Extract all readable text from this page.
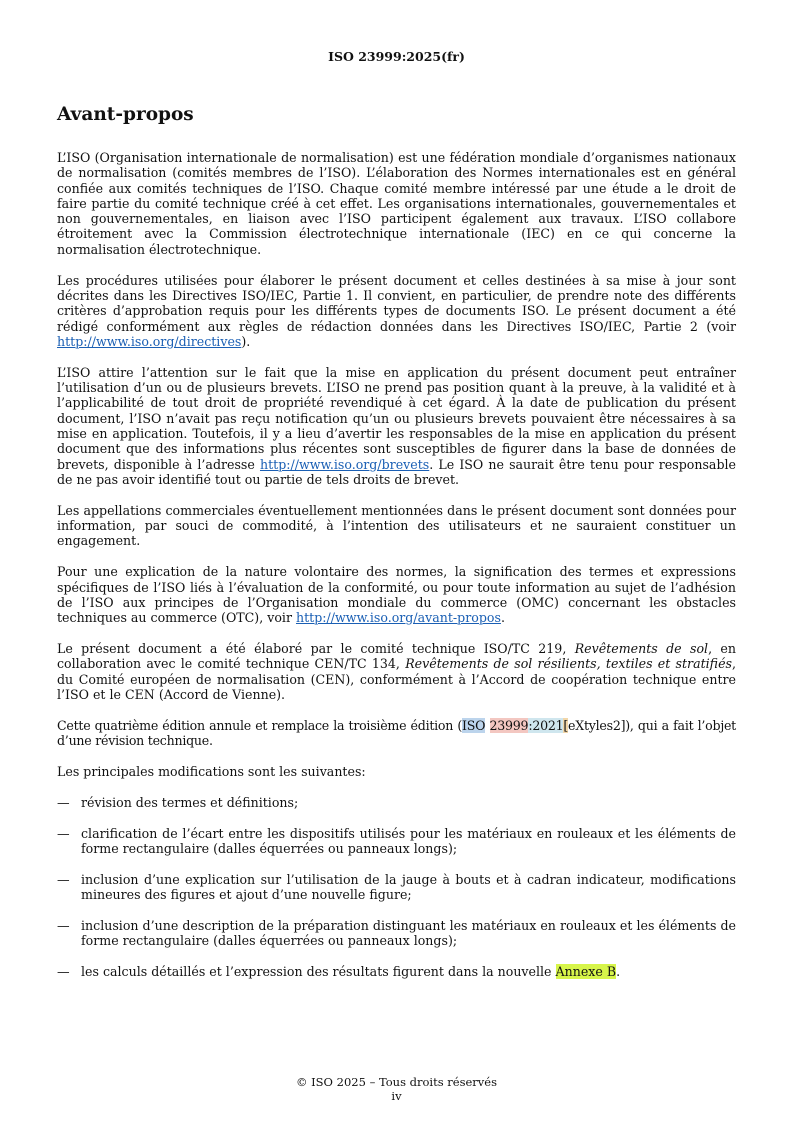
ISO 23999:2025(fr)
Avant-propos

L’ISO (Organisation internationale de normalisation) est une fédération mondiale d’organismes nationaux de normalisation (comités membres de l’ISO). L’élaboration des Normes internationales est en général confiée aux comités techniques de l’ISO. Chaque comité membre intéressé par une étude a le droit de faire partie du comité technique créé à cet effet. Les organisations internationales, gouvernementales et non gouvernementales, en liaison avec l’ISO participent également aux travaux. L’ISO collabore étroitement avec la Commission électrotechnique internationale (IEC) en ce qui concerne la normalisation électrotechnique.

Les procédures utilisées pour élaborer le présent document et celles destinées à sa mise à jour sont décrites dans les Directives ISO/IEC, Partie 1. Il convient, en particulier, de prendre note des différents critères d’approbation requis pour les différents types de documents ISO. Le présent document a été rédigé conformément aux règles de rédaction données dans les Directives ISO/IEC, Partie 2 (voir http://www.iso.org/directives).

L’ISO attire l’attention sur le fait que la mise en application du présent document peut entraîner l’utilisation d’un ou de plusieurs brevets. L’ISO ne prend pas position quant à la preuve, à la validité et à l’applicabilité de tout droit de propriété revendiqué à cet égard. À la date de publication du présent document, l’ISO n’avait pas reçu notification qu’un ou plusieurs brevets pouvaient être nécessaires à sa mise en application. Toutefois, il y a lieu d’avertir les responsables de la mise en application du présent document que des informations plus récentes sont susceptibles de figurer dans la base de données de brevets, disponible à l’adresse http://www.iso.org/brevets. Le ISO ne saurait être tenu pour responsable de ne pas avoir identifié tout ou partie de tels droits de brevet.

Les appellations commerciales éventuellement mentionnées dans le présent document sont données pour information, par souci de commodité, à l’intention des utilisateurs et ne sauraient constituer un engagement.

Pour une explication de la nature volontaire des normes, la signification des termes et expressions spécifiques de l’ISO liés à l’évaluation de la conformité, ou pour toute information au sujet de l’adhésion de l’ISO aux principes de l’Organisation mondiale du commerce (OMC) concernant les obstacles techniques au commerce (OTC), voir http://www.iso.org/avant-propos.

Le présent document a été élaboré par le comité technique ISO/TC 219, Revêtements de sol, en collaboration avec le comité technique CEN/TC 134, Revêtements de sol résilients, textiles et stratifiés, du Comité européen de normalisation (CEN), conformément à l’Accord de coopération technique entre l’ISO et le CEN (Accord de Vienne).

Cette quatrième édition annule et remplace la troisième édition (ISO 23999:2021[eXtyles2]), qui a fait l’objet d’une révision technique.

Les principales modifications sont les suivantes:

— révision des termes et définitions;
— clarification de l’écart entre les dispositifs utilisés pour les matériaux en rouleaux et les éléments de forme rectangulaire (dalles équerrées ou panneaux longs);
— inclusion d’une explication sur l’utilisation de la jauge à bouts et à cadran indicateur, modifications mineures des figures et ajout d’une nouvelle figure;
— inclusion d’une description de la préparation distinguant les matériaux en rouleaux et les éléments de forme rectangulaire (dalles équerrées ou panneaux longs);
— les calculs détaillés et l’expression des résultats figurent dans la nouvelle Annexe B.
© ISO 2025 – Tous droits réservés
iv
